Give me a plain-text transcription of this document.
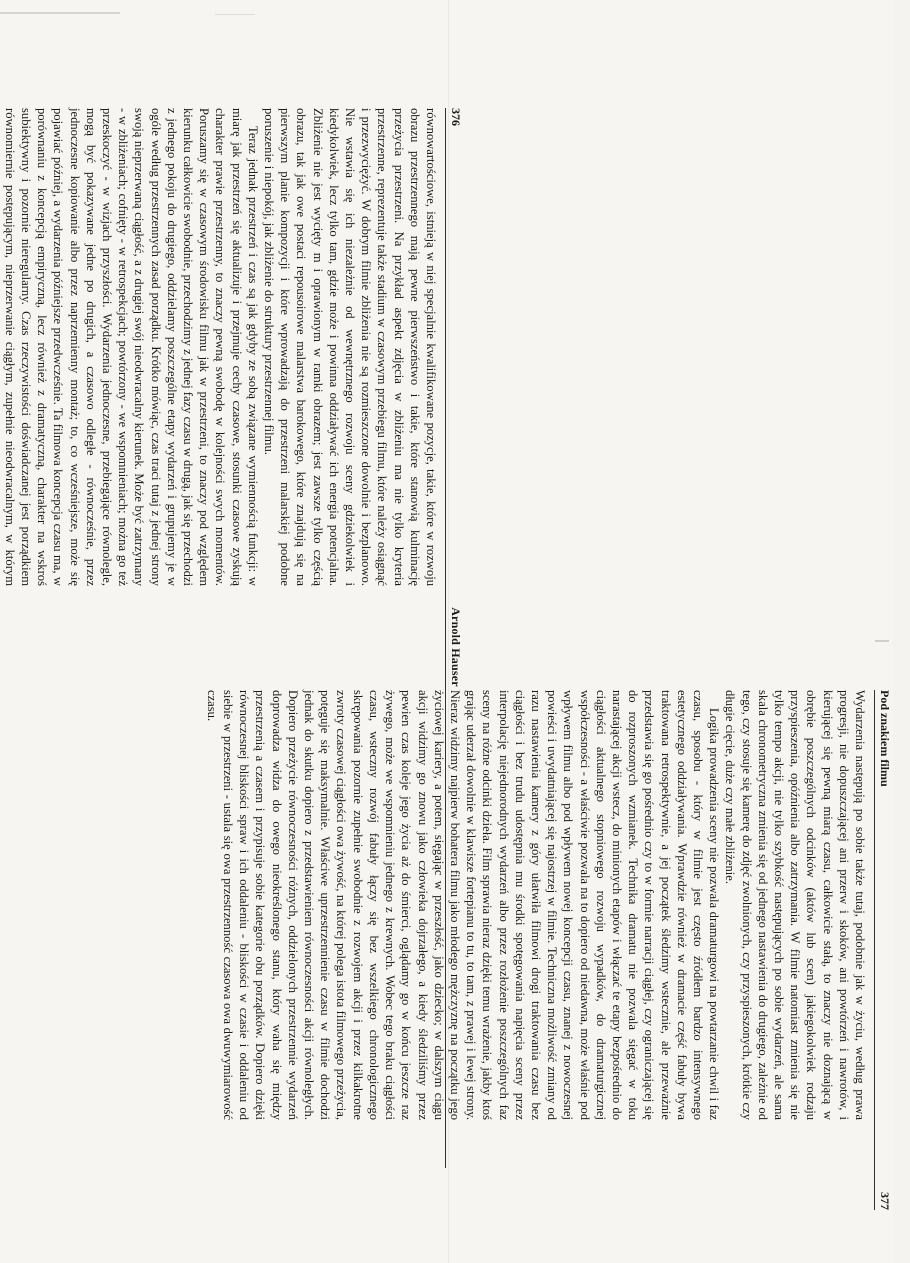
376
Arnold Hauser

równowartościowe, istnieją w niej specjalnie kwalifikowane pozycje, takie, które w rozwoju obrazu przestrzennego mają pewne pierwszeństwo i takie, które stanowią kulminację przeżycia przestrzeni. Na przykład aspekt zdjęcia w zbliżeniu ma nie tylko kryteria przestrzenne, reprezentuje także stadium w czasowym przebiegu filmu, które należy osiągnąć i przezwyciężyć. W dobrym filmie zbliżenia nie są rozmieszczone dowolnie i bezplanowo. Nie wstawia się ich niezależnie od wewnętrznego rozwoju sceny gdziekolwiek i kiedykolwiek, lecz tylko tam, gdzie może i powinna oddziaływać ich energia potencjalna. Zbliżenie nie jest wycięty m i oprawionym w ramki obrazem; jest zawsze tylko częścią obrazu, tak jak owe postaci repousoirowe malarstwa barokowego, które znajdują się na pierwszym planie kompozycji i które wprowadzają do przestrzeni malarskiej podobne poruszenie i niepokój, jak zbliżenie do struktury przestrzennej filmu.

Teraz jednak przestrzeń i czas są jak gdyby ze sobą związane wymiennością funkcji: w miarę jak przestrzeń się aktualizuje i przejmuje cechy czasowe, stosunki czasowe zyskują charakter prawie przestrzenny, to znaczy pewną swobodę w kolejności swych momentów. Poruszamy się w czasowym środowisku filmu jak w przestrzeni, to znaczy pod względem kierunku całkowicie swobodnie, przechodzimy z jednej fazy czasu w drugą, jak się przechodzi z jednego pokoju do drugiego, oddzielamy poszczególne etapy wydarzeń i grupujemy je w ogóle według przestrzennych zasad porządku. Krótko mówiąc, czas traci tutaj z jednej strony swoją nieprzerwaną ciągłość, a z drugiej swój nieodwracalny kierunek. Może być zatrzymany - w zbliżeniach; cofnięty - w retrospekcjach; powtórzony - we wspomnieniach; można go też przeskoczyć - w wizjach przyszłości. Wydarzenia jednoczesne, przebiegające równolegle, mogą być pokazywane jedne po drugich, a czasowo odległe - równocześnie, przez jednoczesne kopiowanie albo przez naprzemienny montaż; to, co wcześniejsze, może się pojawiać później, a wydarzenia późniejsze przedwcześnie. Ta filmowa koncepcja czasu ma, w porównaniu z koncepcją empiryczną, lecz również z dramatyczną, charakter na wskroś subiektywny i pozornie nieregularny. Czas rzeczywistości doświadczanej jest porządkiem równomiernie postępującym, nieprzerwanie ciągłym, zupełnie nieodwracalnym, w którym

Pod znakiem filmu
377

Wydarzenia następują po sobie także tutaj, podobnie jak w życiu, według prawa progresji, nie dopuszczającej ani przerw i skoków, ani powtórzeń i nawrotów, i kierującej się pewną miarą czasu, całkowicie stałą, to znaczy nie doznającą w obrębie poszczególnych odcinków (aktów lub scen) jakiegokolwiek rodzaju przyspieszenia, opóźnienia albo zatrzymania. W filmie natomiast zmienia się nie tylko tempo akcji, nie tylko szybkość następujących po sobie wydarzeń, ale sama skala chronometryczna zmienia się od jednego nastawienia do drugiego, zależnie od tego, czy stosuje się kamerę do zdjęć zwolnionych, czy przyspieszonych, krótkie czy długie cięcie, duże czy małe zbliżenie.

Logika prowadzenia sceny nie pozwala dramaturgowi na powtarzanie chwil i faz czasu, sposobu - który w filmie jest często źródłem bardzo intensywnego estetycznego oddziaływania. Wprawdzie również w dramacie część fabuły bywa traktowana retrospektywnie, a jej początek śledzimy wstecznie, ale przeważnie przedstawia się go pośrednio czy to w formie narracji ciągłej, czy ograniczającej się do rozproszonych wzmianek. Technika dramatu nie pozwala sięgać w toku narastającej akcji wstecz, do minionych etapów i włączać te etapy bezpośrednio do ciągłości aktualnego stopniowego rozwoju wypadków, do dramaturgicznej współczesności - a właściwie pozwala na to dopiero od niedawna, może właśnie pod wpływem filmu albo pod wpływem nowej koncepcji czasu, znanej z nowoczesnej powieści i uwydatniającej się najostrzej w filmie. Techniczna możliwość zmiany od razu nastawienia kamery z góry ułatwiła filmowi drogi traktowania czasu bez ciągłości i bez trudu udostępnia mu środki spotęgowania napięcia sceny przez interpolację niejednorodnych wydarzeń albo przez rozłożenie poszczególnych faz sceny na różne odcinki dzieła. Film sprawia nieraz dzięki temu wrażenie, jakby ktoś grając uderzał dowolnie w klawisze fortepianu to tu, to tam, z prawej i lewej strony. Nieraz widzimy najpierw bohatera filmu jako młodego mężczyznę na początku jego życiowej kariery, a potem, sięgając w przeszłość, jako dziecko; w dalszym ciągu akcji widzimy go znowu jako człowieka dojrzałego, a kiedy śledziliśmy przez pewien czas koleje jego życia aż do śmierci, oglądamy go w końcu jeszcze raz żywego, może we wspomnieniu jednego z krewnych. Wobec tego braku ciągłości czasu, wsteczny rozwój fabuły łączy się bez wszelkiego chronologicznego skrępowania pozornie zupełnie swobodnie z rozwojem akcji i przez kilkakrotne zwroty czasowej ciągłości owa żywość, na której polega istota filmowego przeżycia, potęguje się maksymalnie. Właściwe uprzestrzennienie czasu w filmie dochodzi jednak do skutku dopiero z przedstawieniem równoczesności akcji równoległych. Dopiero przeżycie równoczesności różnych, oddzielonych przestrzennie wydarzeń doprowadza widza do owego nieokreślonego stanu, który waha się między przestrzenią a czasem i przypisuje sobie kategorie obu porządków. Dopiero dzięki równoczesnej bliskości spraw i ich oddaleniu - bliskości w czasie i oddaleniu od siebie w przestrzeni - ustala się owa przestrzenność czasowa owa dwuwymiarowość czasu.
